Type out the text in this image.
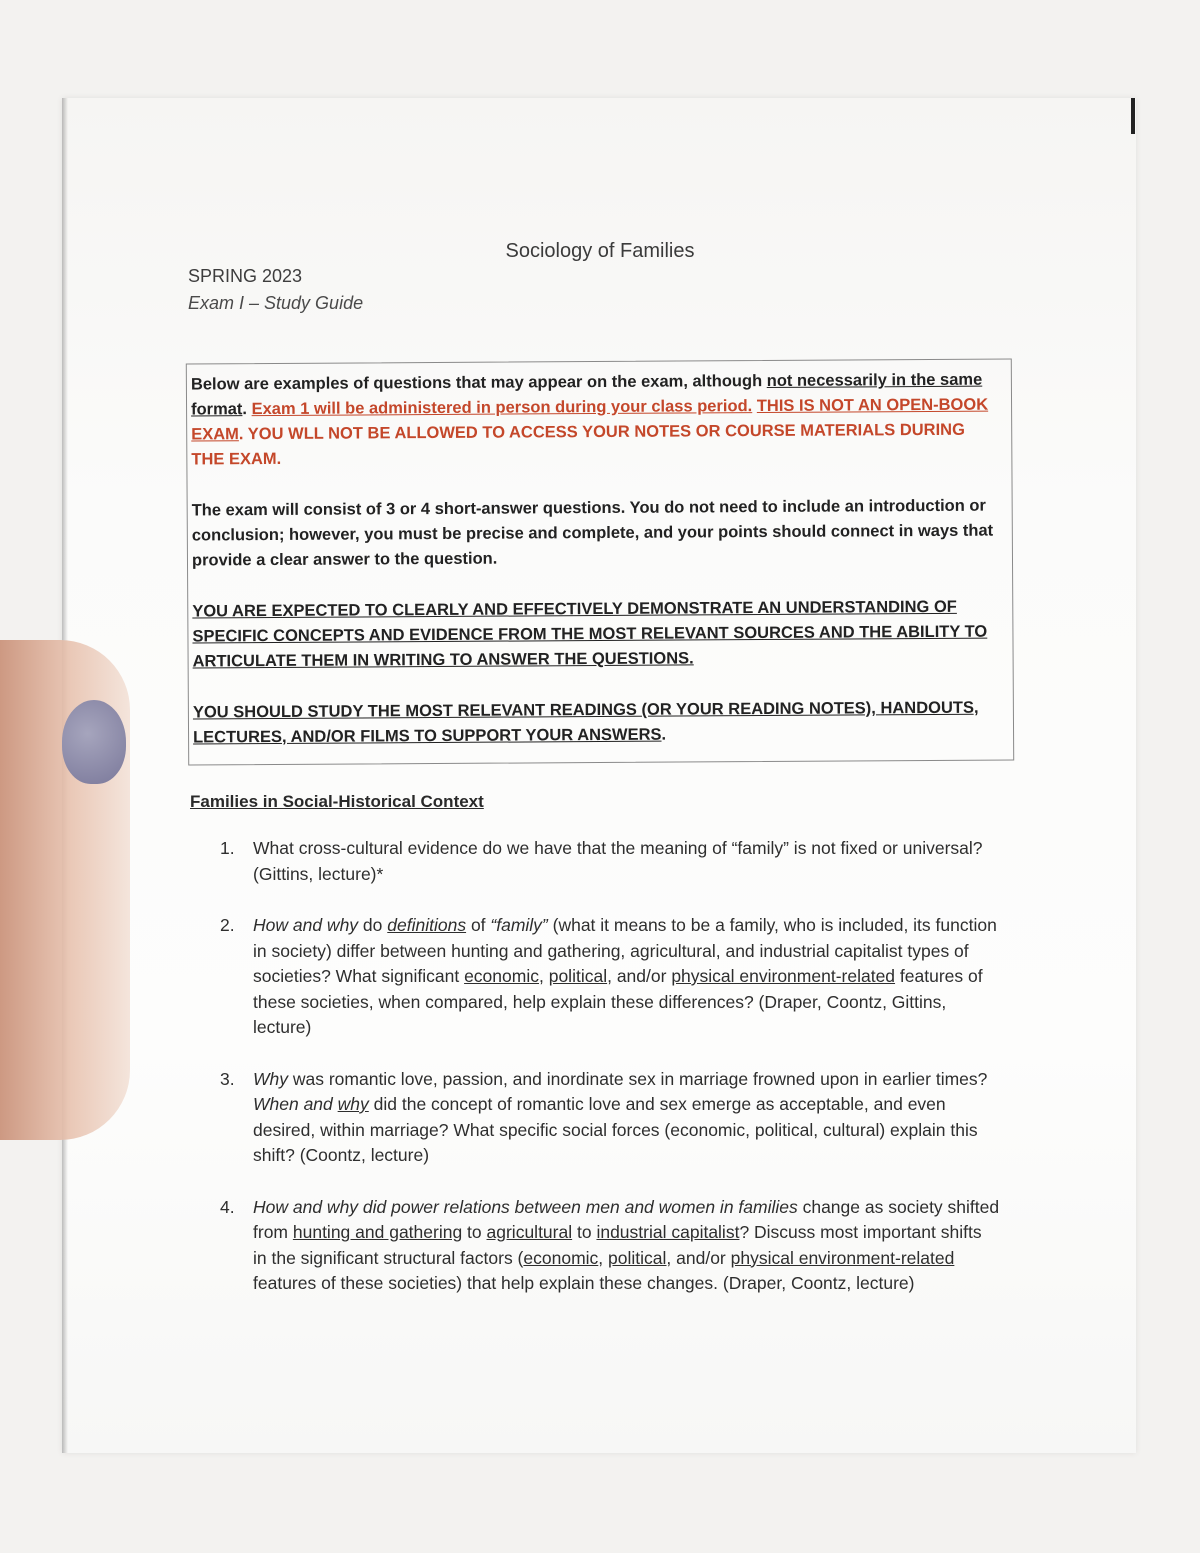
Sociology of Families
SPRING 2023
Exam I – Study Guide

Below are examples of questions that may appear on the exam, although not necessarily in the same format. Exam 1 will be administered in person during your class period. THIS IS NOT AN OPEN-BOOK EXAM. YOU WLL NOT BE ALLOWED TO ACCESS YOUR NOTES OR COURSE MATERIALS DURING THE EXAM.

The exam will consist of 3 or 4 short-answer questions. You do not need to include an introduction or conclusion; however, you must be precise and complete, and your points should connect in ways that provide a clear answer to the question.

YOU ARE EXPECTED TO CLEARLY AND EFFECTIVELY DEMONSTRATE AN UNDERSTANDING OF SPECIFIC CONCEPTS AND EVIDENCE FROM THE MOST RELEVANT SOURCES AND THE ABILITY TO ARTICULATE THEM IN WRITING TO ANSWER THE QUESTIONS.

YOU SHOULD STUDY THE MOST RELEVANT READINGS (OR YOUR READING NOTES), HANDOUTS, LECTURES, AND/OR FILMS TO SUPPORT YOUR ANSWERS.

Families in Social-Historical Context
1. What cross-cultural evidence do we have that the meaning of “family” is not fixed or universal? (Gittins, lecture)*
2. How and why do definitions of “family” (what it means to be a family, who is included, its function in society) differ between hunting and gathering, agricultural, and industrial capitalist types of societies? What significant economic, political, and/or physical environment-related features of these societies, when compared, help explain these differences? (Draper, Coontz, Gittins, lecture)
3. Why was romantic love, passion, and inordinate sex in marriage frowned upon in earlier times? When and why did the concept of romantic love and sex emerge as acceptable, and even desired, within marriage? What specific social forces (economic, political, cultural) explain this shift? (Coontz, lecture)
4. How and why did power relations between men and women in families change as society shifted from hunting and gathering to agricultural to industrial capitalist? Discuss most important shifts in the significant structural factors (economic, political, and/or physical environment-related features of these societies) that help explain these changes. (Draper, Coontz, lecture)
